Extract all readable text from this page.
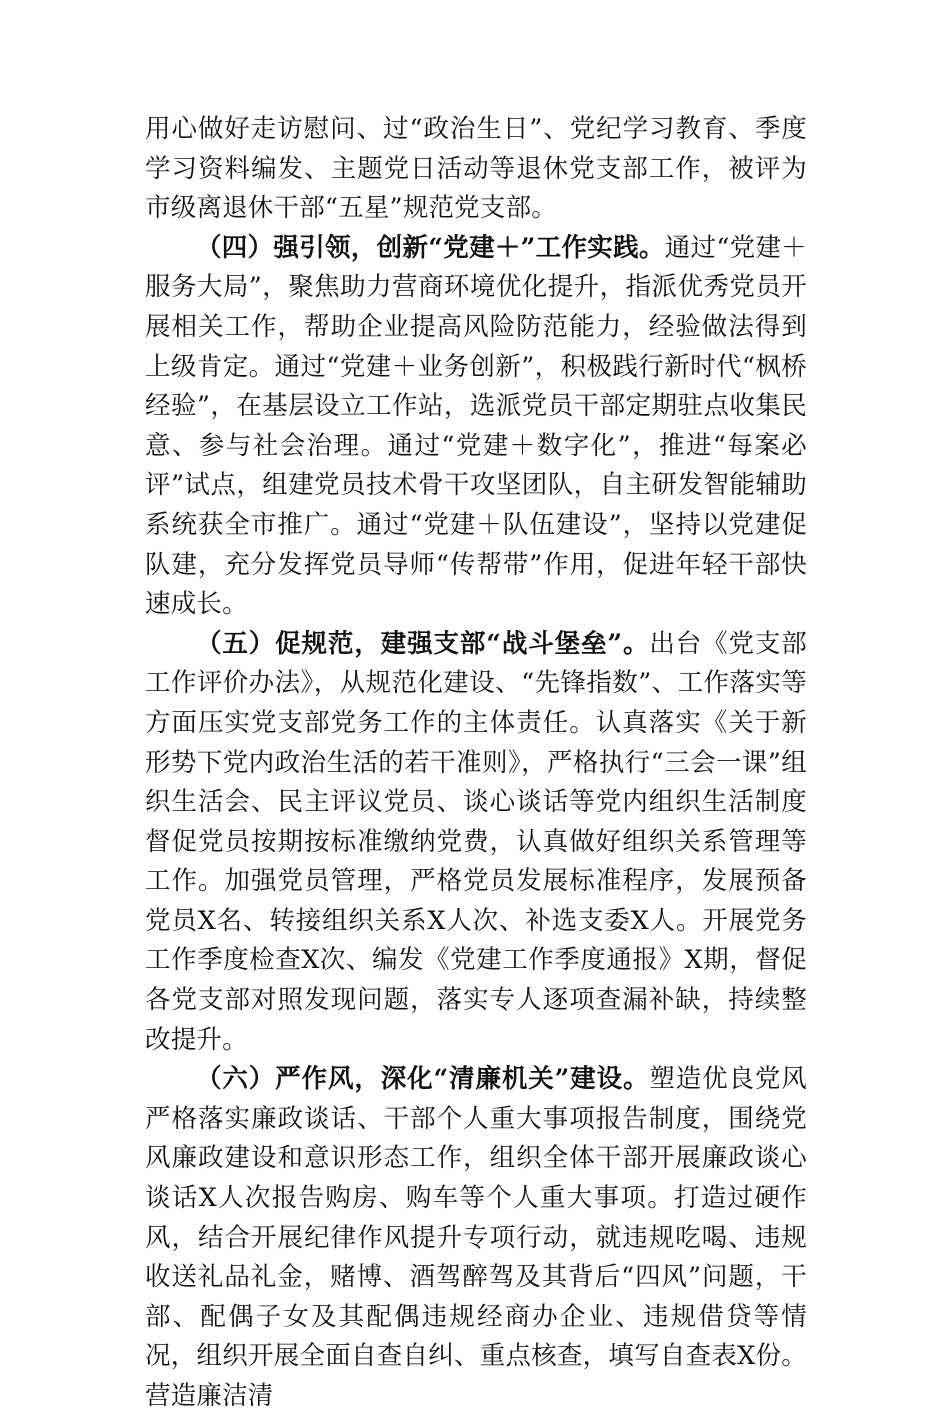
用心做好走访慰问、过“政治生日”、党纪学习教育、季度学习资料编发、主题党日活动等退休党支部工作，被评为市级离退休干部“五星”规范党支部。

（四）强引领，创新“党建＋”工作实践。通过“党建＋服务大局”，聚焦助力营商环境优化提升，指派优秀党员开展相关工作，帮助企业提高风险防范能力，经验做法得到上级肯定。通过“党建＋业务创新”，积极践行新时代“枫桥经验”，在基层设立工作站，选派党员干部定期驻点收集民意、参与社会治理。通过“党建＋数字化”，推进“每案必评”试点，组建党员技术骨干攻坚团队，自主研发智能辅助系统获全市推广。通过“党建＋队伍建设”，坚持以党建促队建，充分发挥党员导师“传帮带”作用，促进年轻干部快速成长。

（五）促规范，建强支部“战斗堡垒”。出台《党支部工作评价办法》，从规范化建设、“先锋指数”、工作落实等方面压实党支部党务工作的主体责任。认真落实《关于新形势下党内政治生活的若干准则》，严格执行“三会一课”组织生活会、民主评议党员、谈心谈话等党内组织生活制度督促党员按期按标准缴纳党费，认真做好组织关系管理等工作。加强党员管理，严格党员发展标准程序，发展预备党员X名、转接组织关系X人次、补选支委X人。开展党务工作季度检查X次、编发《党建工作季度通报》X期，督促各党支部对照发现问题，落实专人逐项查漏补缺，持续整改提升。

（六）严作风，深化“清廉机关”建设。塑造优良党风严格落实廉政谈话、干部个人重大事项报告制度，围绕党风廉政建设和意识形态工作，组织全体干部开展廉政谈心谈话X人次报告购房、购车等个人重大事项。打造过硬作风，结合开展纪律作风提升专项行动，就违规吃喝、违规收送礼品礼金，赌博、酒驾醉驾及其背后“四风”问题，干部、配偶子女及其配偶违规经商办企业、违规借贷等情况，组织开展全面自查自纠、重点核查，填写自查表X份。营造廉洁清
